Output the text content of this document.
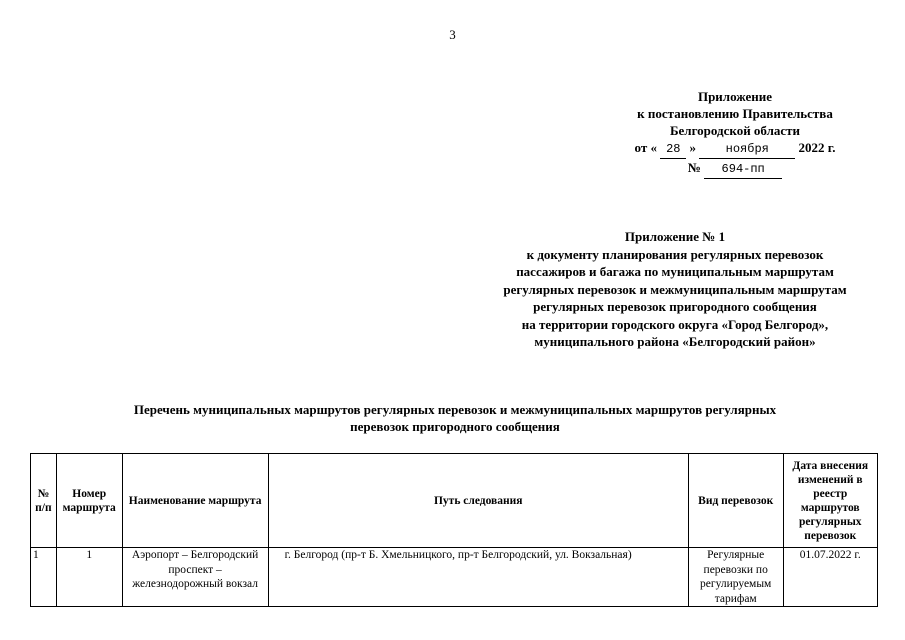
3
Приложение
к постановлению Правительства
Белгородской области
от « 28 » ноября 2022 г.
№ 694-пп
Приложение № 1
к документу планирования регулярных перевозок
пассажиров и багажа по муниципальным маршрутам
регулярных перевозок и межмуниципальным маршрутам
регулярных перевозок пригородного сообщения
на территории городского округа «Город Белгород»,
муниципального района «Белгородский район»
Перечень муниципальных маршрутов регулярных перевозок и межмуниципальных маршрутов регулярных
перевозок пригородного сообщения
№ п/п	Номер маршрута	Наименование маршрута	Путь следования	Вид перевозок	Дата внесения изменений в реестр маршрутов регулярных перевозок
1	1	Аэропорт – Белгородский проспект – железнодорожный вокзал	г. Белгород (пр-т Б. Хмельницкого, пр-т Белгородский, ул. Вокзальная)	Регулярные перевозки по регулируемым тарифам	01.07.2022 г.
